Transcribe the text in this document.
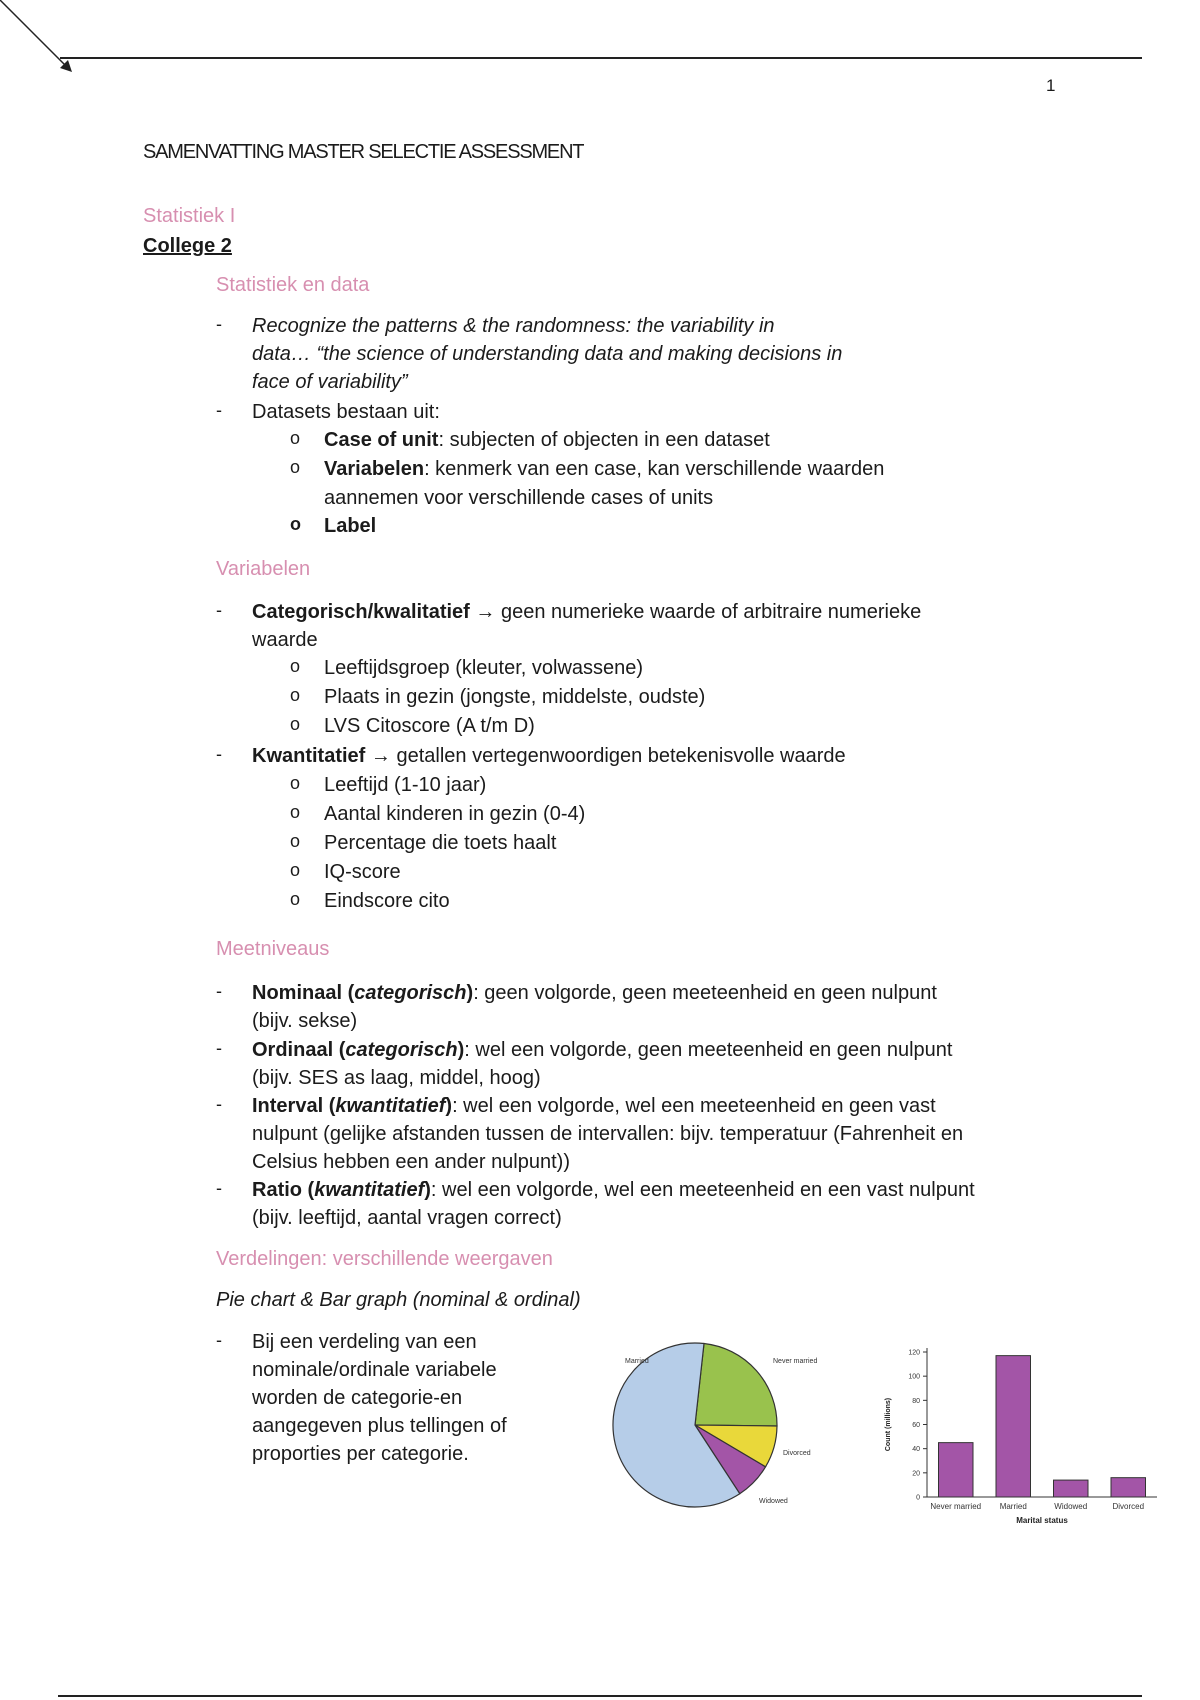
1
SAMENVATTING MASTER SELECTIE ASSESSMENT
Statistiek I
College 2
Statistiek en data
- Recognize the patterns & the randomness: the variability in
data… “the science of understanding data and making decisions in
face of variability”
- Datasets bestaan uit:
o Case of unit: subjecten of objecten in een dataset
o Variabelen: kenmerk van een case, kan verschillende waarden
aannemen voor verschillende cases of units
o Label
Variabelen
- Categorisch/kwalitatief → geen numerieke waarde of arbitraire numerieke
waarde
o Leeftijdsgroep (kleuter, volwassene)
o Plaats in gezin (jongste, middelste, oudste)
o LVS Citoscore (A t/m D)
- Kwantitatief → getallen vertegenwoordigen betekenisvolle waarde
o Leeftijd (1-10 jaar)
o Aantal kinderen in gezin (0-4)
o Percentage die toets haalt
o IQ-score
o Eindscore cito
Meetniveaus
- Nominaal (categorisch): geen volgorde, geen meeteenheid en geen nulpunt
(bijv. sekse)
- Ordinaal (categorisch): wel een volgorde, geen meeteenheid en geen nulpunt
(bijv. SES as laag, middel, hoog)
- Interval (kwantitatief): wel een volgorde, wel een meeteenheid en geen vast
nulpunt (gelijke afstanden tussen de intervallen: bijv. temperatuur (Fahrenheit en
Celsius hebben een ander nulpunt))
- Ratio (kwantitatief): wel een volgorde, wel een meeteenheid en een vast nulpunt
(bijv. leeftijd, aantal vragen correct)
Verdelingen: verschillende weergaven
Pie chart & Bar graph (nominal & ordinal)
- Bij een verdeling van een
nominale/ordinale variabele
worden de categorie-en
aangegeven plus tellingen of
proporties per categorie.
Married	Never married
Divorced
Widowed	0
20
40
60
80
100
120
Never married Married	Widowed	Divorced
Marital status
Count (millions)
